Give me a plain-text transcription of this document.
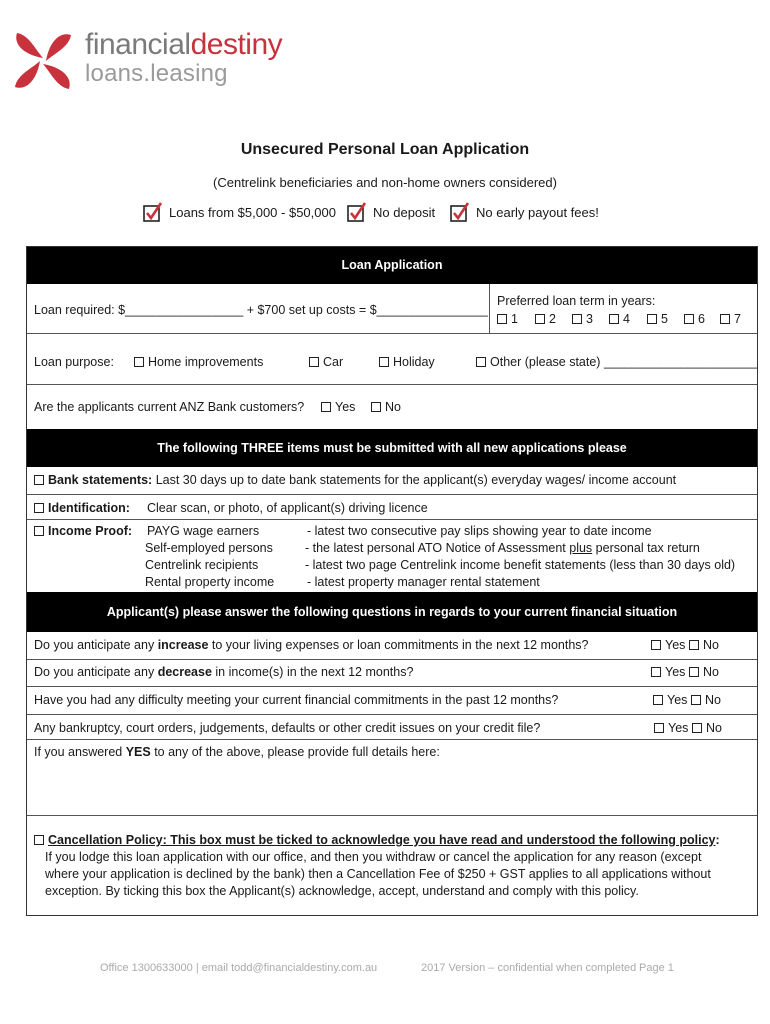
financialdestiny
loans.leasing
Unsecured Personal Loan Application
(Centrelink beneficiaries and non-home owners considered)
Loans from $5,000 - $50,000	No deposit	No early payout fees!
Loan Application
Loan required: $_________________ + $700 set up costs = $________________
Preferred loan term in years:
1	2	3	4	5	6	7
Loan purpose:	Home improvements	Car	Holiday	Other (please state) ______________________
Are the applicants current ANZ Bank customers?	Yes	No
The following THREE items must be submitted with all new applications please
Bank statements: Last 30 days up to date bank statements for the applicant(s) everyday wages/ income account
Identification: Clear scan, or photo, of applicant(s) driving licence
Income Proof: PAYG wage earners	- latest two consecutive pay slips showing year to date income
Self-employed persons	- the latest personal ATO Notice of Assessment plus personal tax return
Centrelink recipients	- latest two page Centrelink income benefit statements (less than 30 days old)
Rental property income	- latest property manager rental statement
Applicant(s) please answer the following questions in regards to your current financial situation
Do you anticipate any increase to your living expenses or loan commitments in the next 12 months?	Yes	No
Do you anticipate any decrease in income(s) in the next 12 months?	Yes	No
Have you had any difficulty meeting your current financial commitments in the past 12 months?	Yes	No
Any bankruptcy, court orders, judgements, defaults or other credit issues on your credit file?	Yes	No
If you answered YES to any of the above, please provide full details here:
Cancellation Policy: This box must be ticked to acknowledge you have read and understood the following policy:
If you lodge this loan application with our office, and then you withdraw or cancel the application for any reason (except
where your application is declined by the bank) then a Cancellation Fee of $250 + GST applies to all applications without
exception. By ticking this box the Applicant(s) acknowledge, accept, understand and comply with this policy.
Office 1300633000 | email todd@financialdestiny.com.au	2017 Version – confidential when completed Page 1
